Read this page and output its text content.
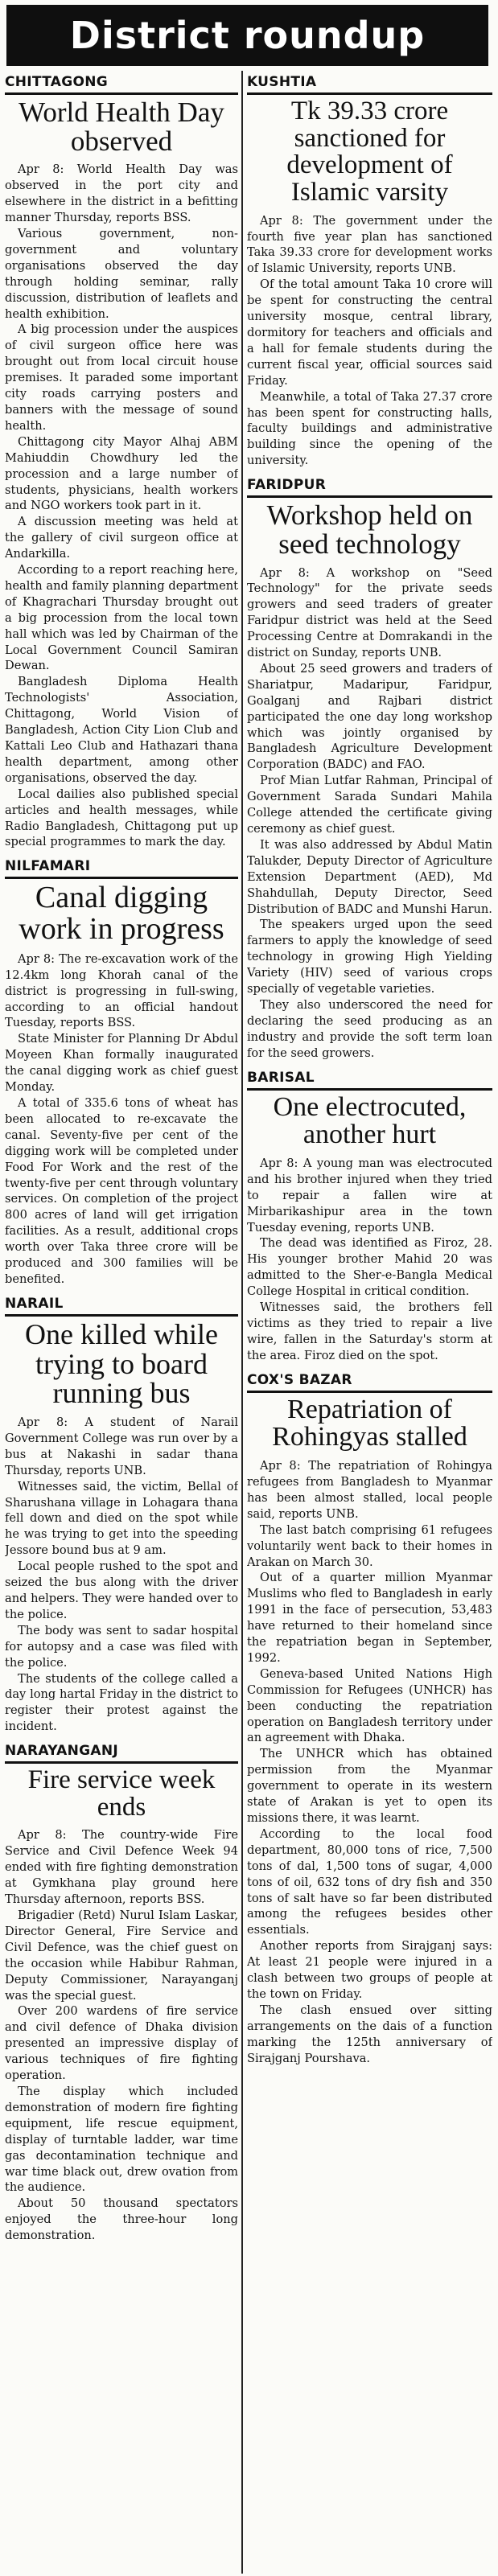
District roundup
CHITTAGONG
World Health Day observed

Apr 8: World Health Day was observed in the port city and elsewhere in the district in a befitting manner Thursday, reports BSS.

Various government, non-government and voluntary organisations observed the day through holding seminar, rally discussion, distribution of leaflets and health exhibition.

A big procession under the auspices of civil surgeon office here was brought out from local circuit house premises. It paraded some important city roads carrying posters and banners with the message of sound health.

Chittagong city Mayor Alhaj ABM Mahiuddin Chowdhury led the procession and a large number of students, physicians, health workers and NGO workers took part in it.

A discussion meeting was held at the gallery of civil surgeon office at Andarkilla.

According to a report reaching here, health and family planning department of Khagrachari Thursday brought out a big procession from the local town hall which was led by Chairman of the Local Government Council Samiran Dewan.

Bangladesh Diploma Health Technologists' Association, Chittagong, World Vision of Bangladesh, Action City Lion Club and Kattali Leo Club and Hathazari thana health department, among other organisations, observed the day.

Local dailies also published special articles and health messages, while Radio Bangladesh, Chittagong put up special programmes to mark the day.

NILFAMARI
Canal digging work in progress

Apr 8: The re-excavation work of the 12.4km long Khorah canal of the district is progressing in full-swing, according to an official handout Tuesday, reports BSS.

State Minister for Planning Dr Abdul Moyeen Khan formally inaugurated the canal digging work as chief guest Monday.

A total of 335.6 tons of wheat has been allocated to re-excavate the canal. Seventy-five per cent of the digging work will be completed under Food For Work and the rest of the twenty-five per cent through voluntary services. On completion of the project 800 acres of land will get irrigation facilities. As a result, additional crops worth over Taka three crore will be produced and 300 families will be benefited.

NARAIL
One killed while trying to board running bus

Apr 8: A student of Narail Government College was run over by a bus at Nakashi in sadar thana Thursday, reports UNB.

Witnesses said, the victim, Bellal of Sharushana village in Lohagara thana fell down and died on the spot while he was trying to get into the speeding Jessore bound bus at 9 am.

Local people rushed to the spot and seized the bus along with the driver and helpers. They were handed over to the police.

The body was sent to sadar hospital for autopsy and a case was filed with the police.

The students of the college called a day long hartal Friday in the district to register their protest against the incident.

NARAYANGANJ
Fire service week ends

Apr 8: The country-wide Fire Service and Civil Defence Week 94 ended with fire fighting demonstration at Gymkhana play ground here Thursday afternoon, reports BSS.

Brigadier (Retd) Nurul Islam Laskar, Director General, Fire Service and Civil Defence, was the chief guest on the occasion while Habibur Rahman, Deputy Commissioner, Narayanganj was the special guest.

Over 200 wardens of fire service and civil defence of Dhaka division presented an impressive display of various techniques of fire fighting operation.

The display which included demonstration of modern fire fighting equipment, life rescue equipment, display of turntable ladder, war time gas decontamination technique and war time black out, drew ovation from the audience.

About 50 thousand spectators enjoyed the three-hour long demonstration.

KUSHTIA
Tk 39.33 crore sanctioned for development of Islamic varsity

Apr 8: The government under the fourth five year plan has sanctioned Taka 39.33 crore for development works of Islamic University, reports UNB.

Of the total amount Taka 10 crore will be spent for constructing the central university mosque, central library, dormitory for teachers and officials and a hall for female students during the current fiscal year, official sources said Friday.

Meanwhile, a total of Taka 27.37 crore has been spent for constructing halls, faculty buildings and administrative building since the opening of the university.

FARIDPUR
Workshop held on seed technology

Apr 8: A workshop on "Seed Technology" for the private seeds growers and seed traders of greater Faridpur district was held at the Seed Processing Centre at Domrakandi in the district on Sunday, reports UNB.

About 25 seed growers and traders of Shariatpur, Madaripur, Faridpur, Goalganj and Rajbari district participated the one day long workshop which was jointly organised by Bangladesh Agriculture Development Corporation (BADC) and FAO.

Prof Mian Lutfar Rahman, Principal of Government Sarada Sundari Mahila College attended the certificate giving ceremony as chief guest.

It was also addressed by Abdul Matin Talukder, Deputy Director of Agriculture Extension Department (AED), Md Shahdullah, Deputy Director, Seed Distribution of BADC and Munshi Harun.

The speakers urged upon the seed farmers to apply the knowledge of seed technology in growing High Yielding Variety (HIV) seed of various crops specially of vegetable varieties.

They also underscored the need for declaring the seed producing as an industry and provide the soft term loan for the seed growers.

BARISAL
One electrocuted, another hurt

Apr 8: A young man was electrocuted and his brother injured when they tried to repair a fallen wire at Mirbarikashipur area in the town Tuesday evening, reports UNB.

The dead was identified as Firoz, 28. His younger brother Mahid 20 was admitted to the Sher-e-Bangla Medical College Hospital in critical condition.

Witnesses said, the brothers fell victims as they tried to repair a live wire, fallen in the Saturday's storm at the area. Firoz died on the spot.

COX'S BAZAR
Repatriation of Rohingyas stalled

Apr 8: The repatriation of Rohingya refugees from Bangladesh to Myanmar has been almost stalled, local people said, reports UNB.

The last batch comprising 61 refugees voluntarily went back to their homes in Arakan on March 30.

Out of a quarter million Myanmar Muslims who fled to Bangladesh in early 1991 in the face of persecution, 53,483 have returned to their homeland since the repatriation began in September, 1992.

Geneva-based United Nations High Commission for Refugees (UNHCR) has been conducting the repatriation operation on Bangladesh territory under an agreement with Dhaka.

The UNHCR which has obtained permission from the Myanmar government to operate in its western state of Arakan is yet to open its missions there, it was learnt.

According to the local food department, 80,000 tons of rice, 7,500 tons of dal, 1,500 tons of sugar, 4,000 tons of oil, 632 tons of dry fish and 350 tons of salt have so far been distributed among the refugees besides other essentials.

Another reports from Sirajganj says: At least 21 people were injured in a clash between two groups of people at the town on Friday.

The clash ensued over sitting arrangements on the dais of a function marking the 125th anniversary of Sirajganj Pourshava.
